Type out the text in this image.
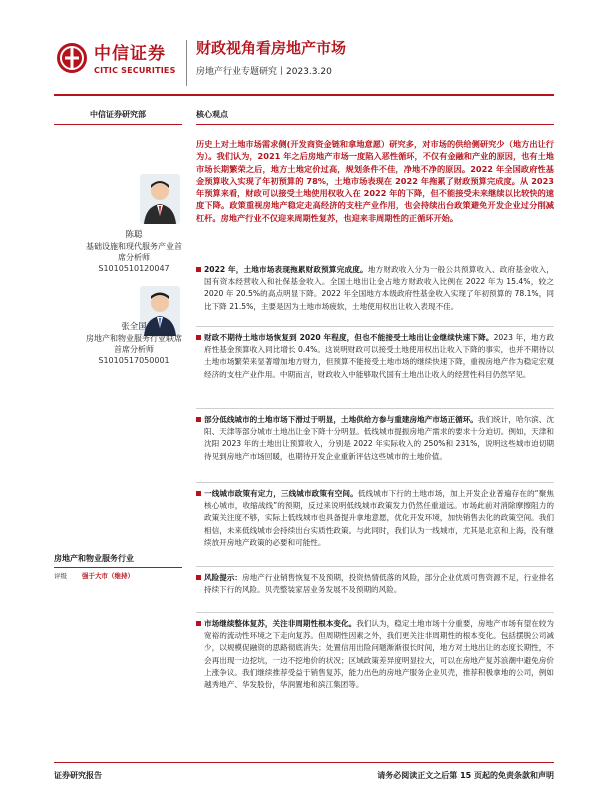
中信证券
CITIC SECURITIES
财政视角看房地产市场
房地产行业专题研究丨2023.3.20
中信证券研究部
陈聪
基础设施和现代服务产业首席分析师
S1010510120047
张全国
房地产和物业服务行业联席首席分析师
S1010517050001
房地产和物业服务行业
评级	强于大市（维持）
核心观点
历史上对土地市场需求侧(开发商资金链和拿地意愿）研究多，对市场的供给侧研究少（地方出让行为）。我们认为，2021 年之后房地产市场一度陷入恶性循环，不仅有金融和产业的原因，也有土地市场长期繁荣之后，地方土地定价过高，规划条件不佳，净地不净的原因。2022 年全国政府性基金预算收入实现了年初预算的 78%，土地市场表现在 2022 年拖累了财政预算完成度。从 2023 年预算来看，财政可以接受土地使用权收入在 2022 年的下降，但不能接受未来继续以比较快的速度下降。政策重视房地产稳定走高经济的支柱产业作用，也会持续出台政策避免开发企业过分削减杠杆。房地产行业不仅迎来周期性复苏，也迎来非周期性的正循环开始。
2022 年，土地市场表现拖累财政预算完成度。地方财政收入分为一般公共预算收入、政府基金收入，国有资本经营收入和社保基金收入。全国土地出让金占地方财政收入比例在 2022 年为 15.4%，较之 2020 年 20.5%的高点明显下降。2022 年全国地方本级政府性基金收入实现了年初预算的 78.1%，同比下降 21.5%，主要是因为土地市场疲软，土地使用权出让收入表现不佳。
财政不期待土地市场恢复到 2020 年程度，但也不能接受土地出让金继续快速下降。2023 年，地方政府性基金预算收入同比增长 0.4%。这说明财政可以接受土地使用权出让收入下降的事实，也并不期待以土地市场繁荣来显著增加地方财力，但预算不能接受土地市场的继续快速下降，重视房地产作为稳定宏观经济的支柱产业作用。中期而言，财政收入中能够取代国有土地出让收入的经营性科目仍然罕见。
部分低线城市的土地市场下滑过于明显，土地供给方参与重建房地产市场正循环。我们统计，哈尔滨、沈阳、天津等部分城市土地出让金下降十分明显。低线城市提振房地产需求的要求十分迫切。例如，天津和沈阳 2023 年的土地出让预算收入，分别是 2022 年实际收入的 250%和 231%，说明这些城市迫切期待见到房地产市场回暖，也期待开发企业重新评估这些城市的土地价值。
一线城市政策有定力，三线城市政策有空间。低线城市下行的土地市场，加上开发企业普遍存在的“聚焦核心城市，收缩战线”的预期，反过来说明低线城市政策发力仍然任重道远。市场此前对消除摩擦阻力的政策关注度不够，实际上低线城市也具备提升拿地意愿，优化开发环境，加快销售去化的政策空间。我们相信，未来低线城市会持续出台实质性政策。与此同时，我们认为一线城市，尤其是北京和上海，没有继续放开房地产政策的必要和可能性。
风险提示：房地产行业销售恢复不及预期，投资热情低落的风险，部分企业优质可售资源不足，行业排名持续下行的风险。贝壳整装家居业务发展不及预期的风险。
市场继续整体复苏，关注非周期性根本变化。我们认为，稳定土地市场十分重要，房地产市场有望在较为宽裕的流动性环境之下走向复苏。但周期性因素之外，我们更关注非周期性的根本变化。包括摆脱公司减少，以规模促融资的思路彻底消失；处置信用出险问题渐渐很长时间，地方对土地出让的态度长期性，不会再出现一边挖坑，一边不挖地价的状况；区域政策差异度明显拉大，可以在房地产复苏浪潮中避免房价上涨争议。我们继续推荐受益于销售复苏，能力出色的房地产服务企业贝壳，推荐积极拿地的公司，例如越秀地产、华发股份，华润置地和滨江集团等。
证券研究报告	请务必阅读正文之后第 15 页起的免责条款和声明
